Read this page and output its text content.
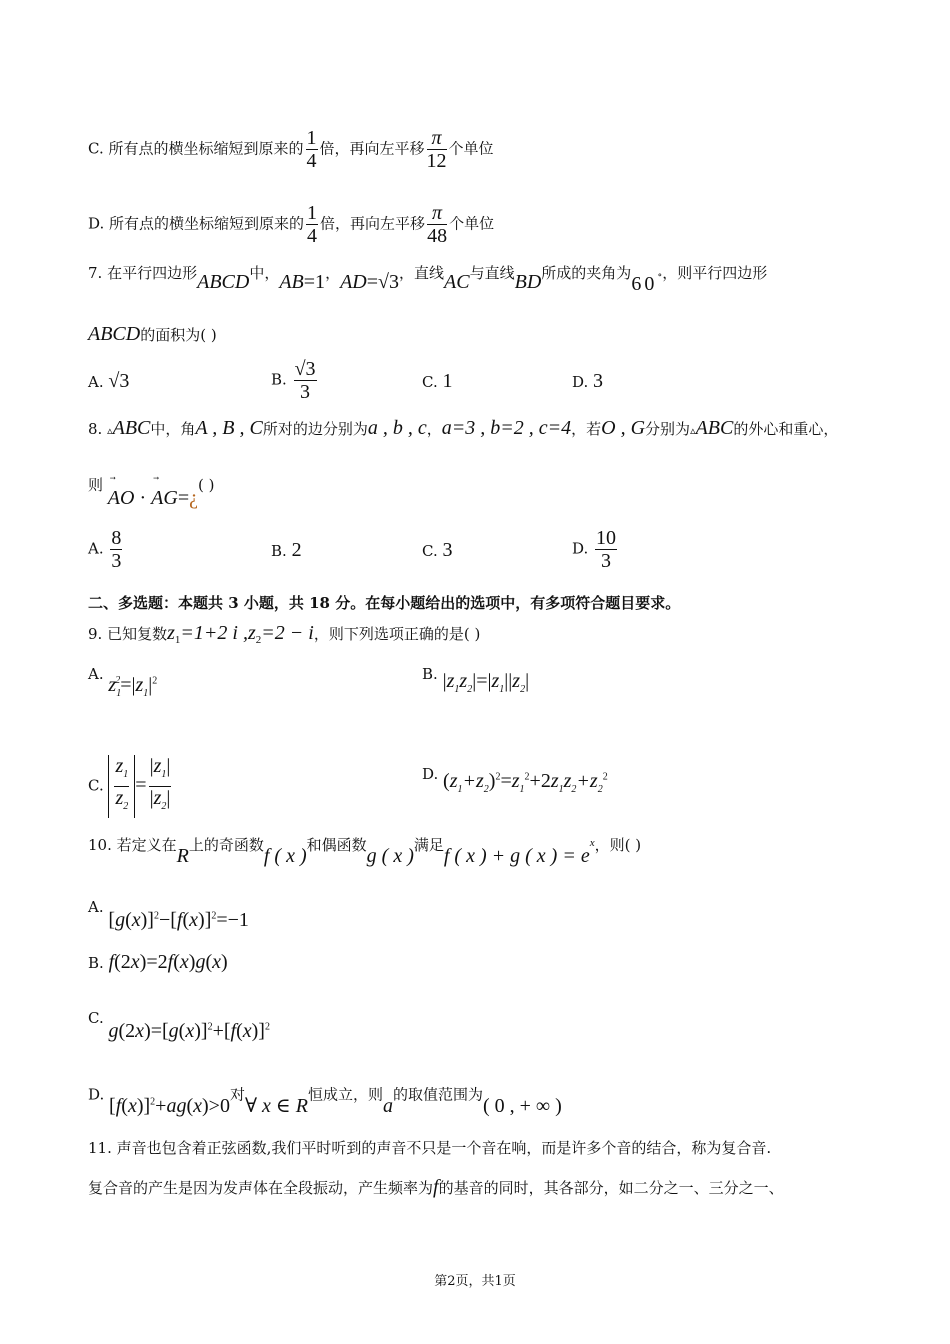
C. 所有点的横坐标缩短到原来的 $\frac{1}{4}$ 倍，再向左平移 $\frac{\pi}{12}$ 个单位
D. 所有点的横坐标缩短到原来的 $\frac{1}{4}$ 倍，再向左平移 $\frac{\pi}{48}$ 个单位
7. 在平行四边形ABCD中，AB=1，AD=√3，直线AC与直线BD所成的夹角为60∘，则平行四边形
ABCD的面积为( )
A. √3	B. $\frac{√3}{3}$	C. 1	D. 3
8. ▵ABC中，角A , B , C所对的边分别为a , b , c，a=3 , b=2 , c=4，若O , G分别为▵ABC的外心和重心，
则
AO ·
AG=¿( )
A. $\frac{8}{3}$	B. 2	C. 3	D. $\frac{10}{3}$
二、多选题：本题共 3 小题，共 18 分。在每小题给出的选项中，有多项符合题目要求。
9. 已知复数$z_1=1+2$ i $,z_2=2 - i$，则下列选项正确的是( )
A. $z_1^2=|z_1|^2$	B. $|z_1z_2|=|z_1||z_2|$
C. $\frac{z_1}{z_2} = \frac{|z_1|}{|z_2|}$	D. $(z_1+z_2)^2=z_1^2+2z_1z_2+z_2^2$
10. 若定义在R上的奇函数f ( x )和偶函数g ( x )满足f ( x ) + g ( x ) = $e^x$，则( )
A. $[g(x)]^2-[f(x)]^2=-1$
B. f(2x)=2f(x)g(x)
C. $g(2x)=[g(x)]^2+[f(x)]^2$
D. $[f(x)]^2+ag(x)>0$对∀ x ∈ R恒成立，则a的取值范围为( 0 , + ∞ )
11. 声音也包含着正弦函数,我们平时听到的声音不只是一个音在响，而是许多个音的结合，称为复合音.
复合音的产生是因为发声体在全段振动，产生频率为f的基音的同时，其各部分，如二分之一、三分之一、
第2页，共1页
